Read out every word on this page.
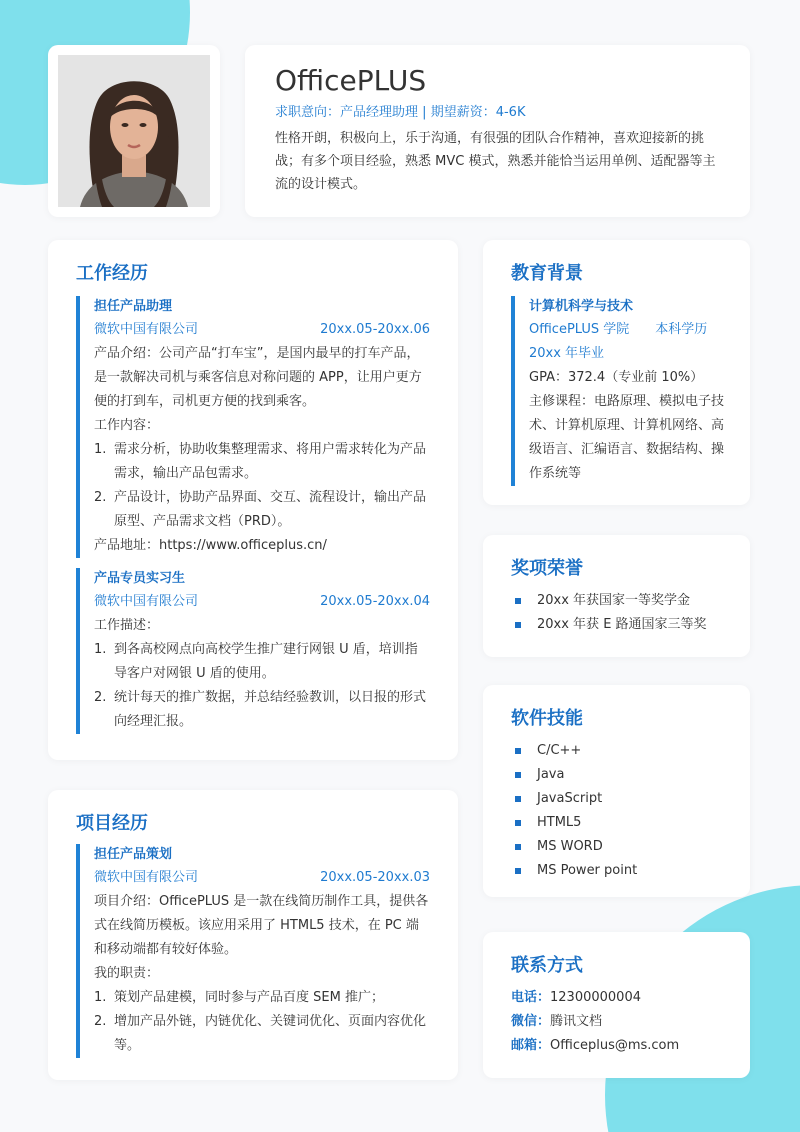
OfficePLUS
求职意向：产品经理助理 | 期望薪资：4-6K
性格开朗，积极向上，乐于沟通，有很强的团队合作精神，喜欢迎接新的挑战；有多个项目经验，熟悉 MVC 模式，熟悉并能恰当运用单例、适配器等主流的设计模式。
工作经历
担任产品助理
微软中国有限公司	20xx.05-20xx.06
产品介绍：公司产品“打车宝”，是国内最早的打车产品，是一款解决司机与乘客信息对称问题的 APP，让用户更方便的打到车，司机更方便的找到乘客。
工作内容：
1. 需求分析，协助收集整理需求、将用户需求转化为产品需求，输出产品包需求。
2. 产品设计，协助产品界面、交互、流程设计，输出产品原型、产品需求文档（PRD）。
产品地址：https://www.officeplus.cn/
产品专员实习生
微软中国有限公司	20xx.05-20xx.04
工作描述：
1. 到各高校网点向高校学生推广建行网银 U 盾，培训指导客户对网银 U 盾的使用。
2. 统计每天的推广数据，并总结经验教训，以日报的形式向经理汇报。
项目经历
担任产品策划
微软中国有限公司	20xx.05-20xx.03
项目介绍：OfficePLUS 是一款在线简历制作工具，提供各式在线简历模板。该应用采用了 HTML5 技术，在 PC 端和移动端都有较好体验。
我的职责：
1. 策划产品建模，同时参与产品百度 SEM 推广；
2. 增加产品外链，内链优化、关键词优化、页面内容优化等。
教育背景
计算机科学与技术
OfficePLUS 学院 本科学历
20xx 年毕业
GPA：372.4（专业前 10%）
主修课程：电路原理、模拟电子技术、计算机原理、计算机网络、高级语言、汇编语言、数据结构、操作系统等
奖项荣誉
20xx 年获国家一等奖学金
20xx 年获 E 路通国家三等奖
软件技能
C/C++
Java
JavaScript
HTML5
MS WORD
MS Power point
联系方式
电话：12300000004
微信：腾讯文档
邮箱：Officeplus@ms.com
